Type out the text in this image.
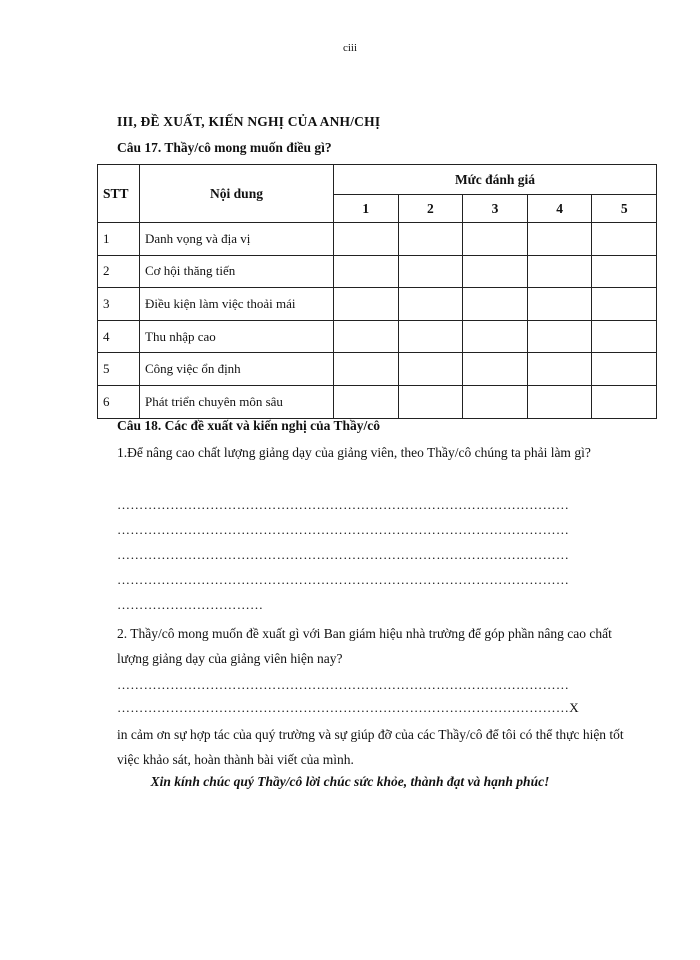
ciii
III, ĐỀ XUẤT, KIẾN NGHỊ CỦA ANH/CHỊ
Câu 17. Thầy/cô mong muốn điều gì?
STT	Nội dung	Mức đánh giá				
		1	2	3	4	5
1	Danh vọng và địa vị					
2	Cơ hội thăng tiến					
3	Điều kiện làm việc thoải mái					
4	Thu nhập cao					
5	Công việc ổn định					
6	Phát triển chuyên môn sâu					
Câu 18. Các đề xuất và kiến nghị của Thầy/cô
1.Để nâng cao chất lượng giảng dạy của giảng viên, theo Thầy/cô chúng ta phải làm gì?
…………………………………………………………………………………………
…………………………………………………………………………………………
…………………………………………………………………………………………
…………………………………………………………………………………………
……………………………
2. Thầy/cô mong muốn đề xuất gì với Ban giám hiệu nhà trường để góp phần nâng cao chất lượng giảng dạy của giảng viên hiện nay?
…………………………………………………………………………………………
…………………………………………………………………………………………X
in cảm ơn sự hợp tác của quý trường và sự giúp đỡ của các Thầy/cô để tôi có thể thực hiện tốt việc khảo sát, hoàn thành bài viết của mình.
Xin kính chúc quý Thầy/cô lời chúc sức khỏe, thành đạt và hạnh phúc!
